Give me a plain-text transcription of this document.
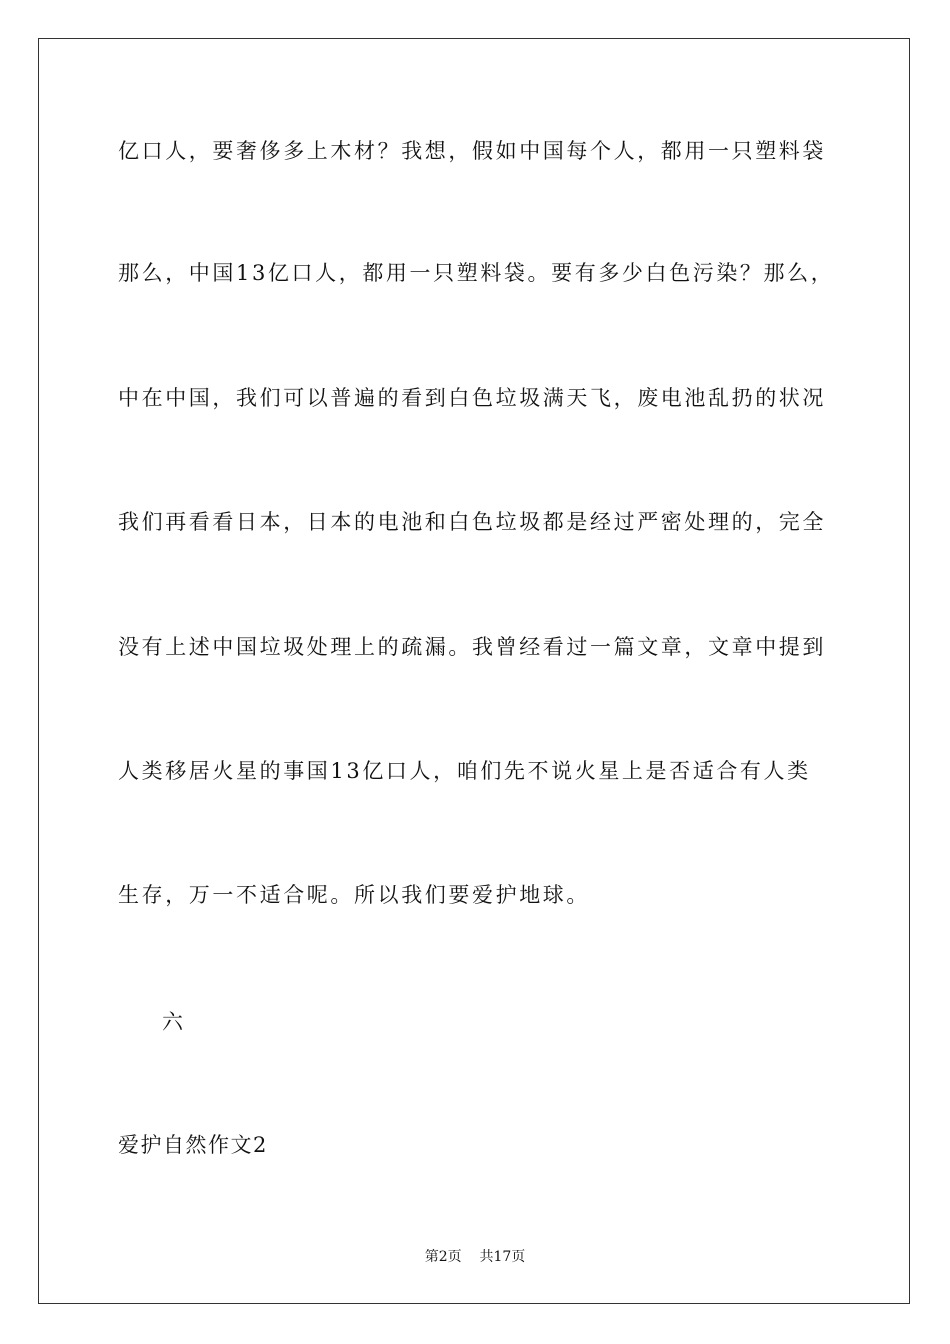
亿口人，要奢侈多上木材？我想，假如中国每个人，都用一只塑料袋
那么，中国13亿口人，都用一只塑料袋。要有多少白色污染？那么，
中在中国，我们可以普遍的看到白色垃圾满天飞，废电池乱扔的状况
我们再看看日本，日本的电池和白色垃圾都是经过严密处理的，完全
没有上述中国垃圾处理上的疏漏。我曾经看过一篇文章，文章中提到
人类移居火星的事国13亿口人，咱们先不说火星上是否适合有人类
生存，万一不适合呢。所以我们要爱护地球。
六
爱护自然作文2
第2页 共17页
